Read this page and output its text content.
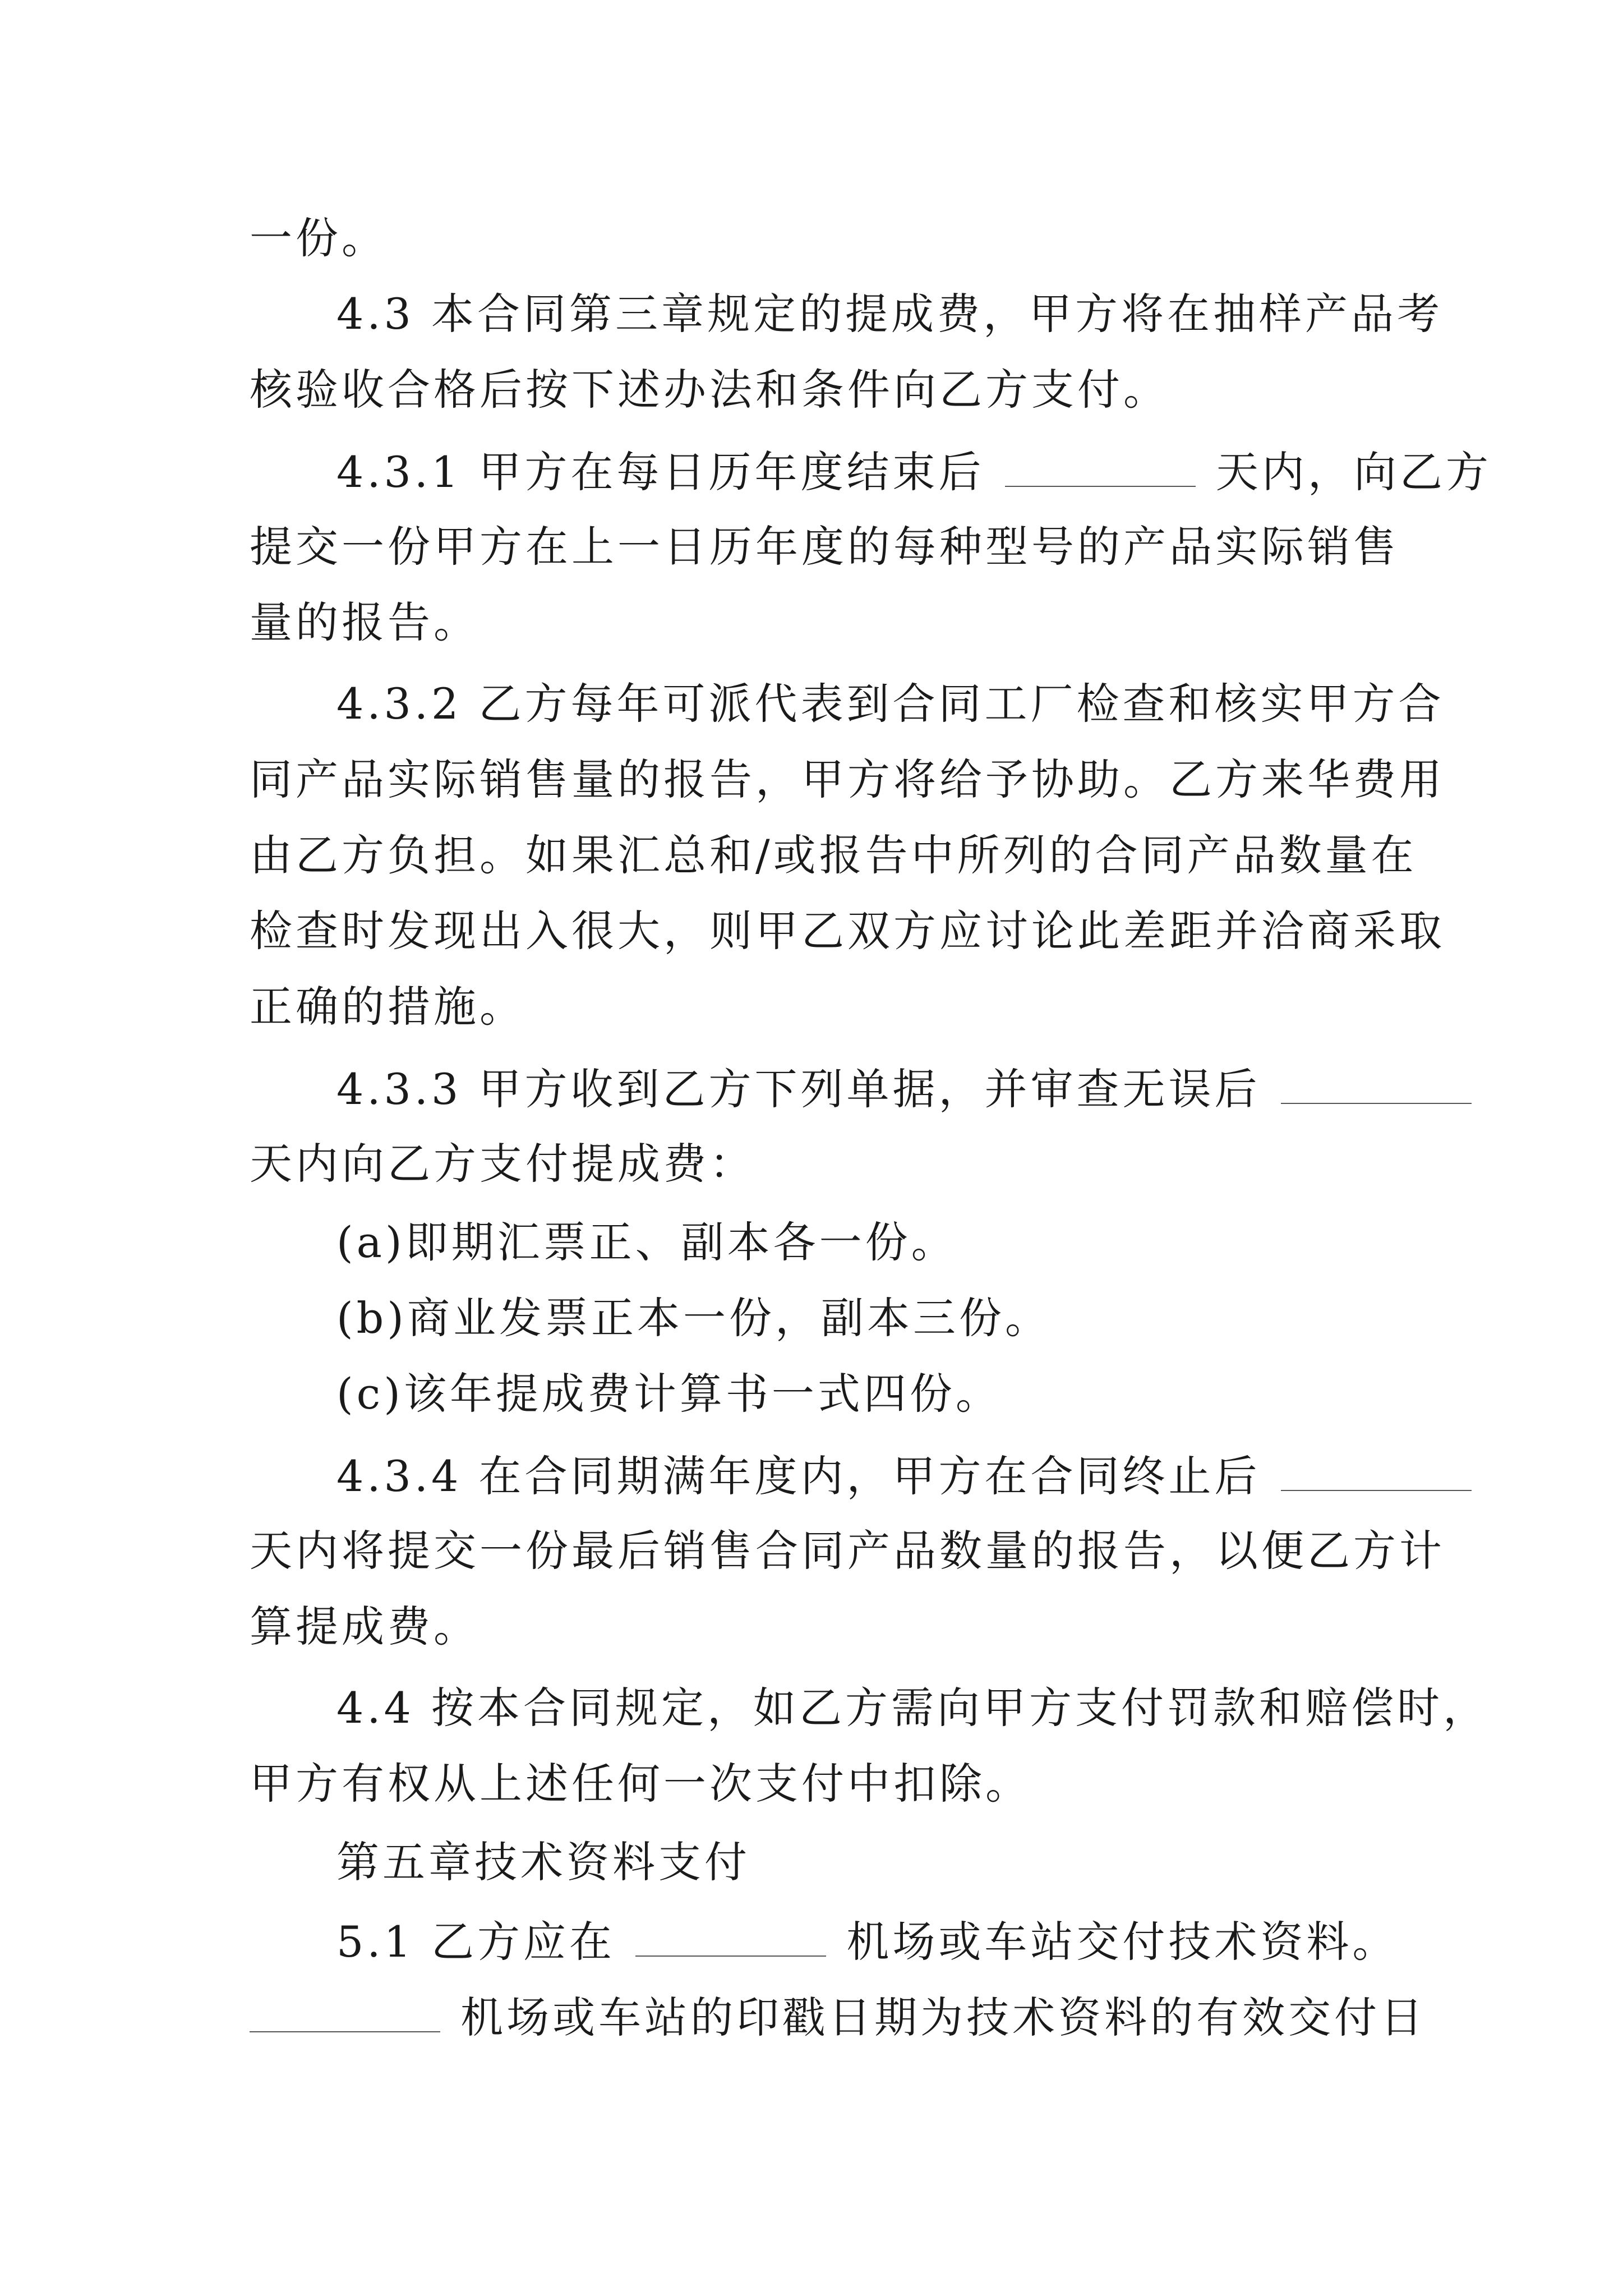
一份。
4.3 本合同第三章规定的提成费，甲方将在抽样产品考
核验收合格后按下述办法和条件向乙方支付。
4.3.1 甲方在每日历年度结束后	天内，向乙方
提交一份甲方在上一日历年度的每种型号的产品实际销售
量的报告。
4.3.2 乙方每年可派代表到合同工厂检查和核实甲方合
同产品实际销售量的报告，甲方将给予协助。乙方来华费用
由乙方负担。如果汇总和/或报告中所列的合同产品数量在
检查时发现出入很大，则甲乙双方应讨论此差距并洽商采取
正确的措施。
4.3.3 甲方收到乙方下列单据，并审查无误后
天内向乙方支付提成费：
(a)即期汇票正、副本各一份。
(b)商业发票正本一份，副本三份。
(c)该年提成费计算书一式四份。
4.3.4 在合同期满年度内，甲方在合同终止后
天内将提交一份最后销售合同产品数量的报告，以便乙方计
算提成费。
4.4 按本合同规定，如乙方需向甲方支付罚款和赔偿时，
甲方有权从上述任何一次支付中扣除。
第五章技术资料支付
5.1 乙方应在	机场或车站交付技术资料。
机场或车站的印戳日期为技术资料的有效交付日
